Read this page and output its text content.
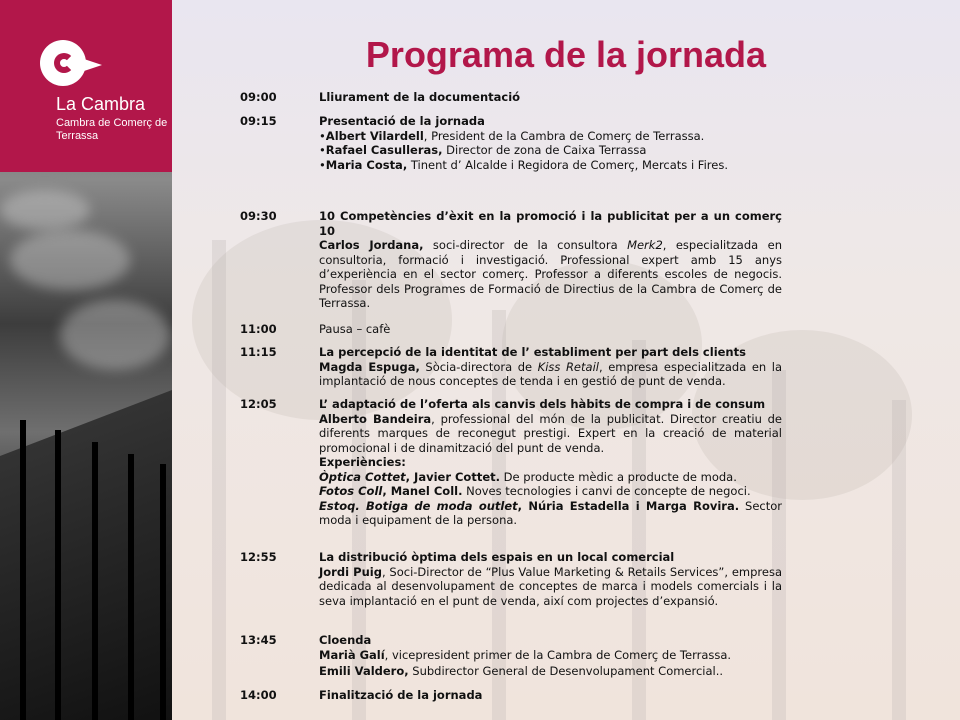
La Cambra
Cambra de Comerç de
Terrassa
Programa de la jornada
09:00	Lliurament de la documentació

09:15	Presentació de la jornada

•Albert Vilardell, President de la Cambra de Comerç de Terrassa.

•Rafael Casulleras, Director de zona de Caixa Terrassa

•Maria Costa, Tinent d’ Alcalde i Regidora de Comerç, Mercats i Fires.

09:30	10 Competències d’èxit en la promoció i la publicitat per a un comerç 10

Carlos Jordana, soci-director de la consultora Merk2, especialitzada en consultoria, formació i investigació. Professional expert amb 15 anys d’experiència en el sector comerç. Professor a diferents escoles de negocis. Professor dels Programes de Formació de Directius de la Cambra de Comerç de Terrassa.

11:00	Pausa – cafè

11:15	La percepció de la identitat de l’ establiment per part dels clients

Magda Espuga, Sòcia-directora de Kiss Retail, empresa especialitzada en la implantació de nous conceptes de tenda i en gestió de punt de venda.

12:05	L’ adaptació de l’oferta als canvis dels hàbits de compra i de consum

Alberto Bandeira, professional del món de la publicitat. Director creatiu de diferents marques de reconegut prestigi. Expert en la creació de material promocional i de dinamització del punt de venda.

Experiències:

Òptica Cottet, Javier Cottet. De producte mèdic a producte de moda.

Fotos Coll, Manel Coll. Noves tecnologies i canvi de concepte de negoci.

Estoq. Botiga de moda outlet, Núria Estadella i Marga Rovira. Sector moda i equipament de la persona.

12:55	La distribució òptima dels espais en un local comercial

Jordi Puig, Soci-Director de “Plus Value Marketing & Retails Services”, empresa dedicada al desenvolupament de conceptes de marca i models comercials i la seva implantació en el punt de venda, així com projectes d’expansió.

13:45	Cloenda

Marià Galí, vicepresident primer de la Cambra de Comerç de Terrassa.

Emili Valdero, Subdirector General de Desenvolupament Comercial..

14:00	Finalització de la jornada
